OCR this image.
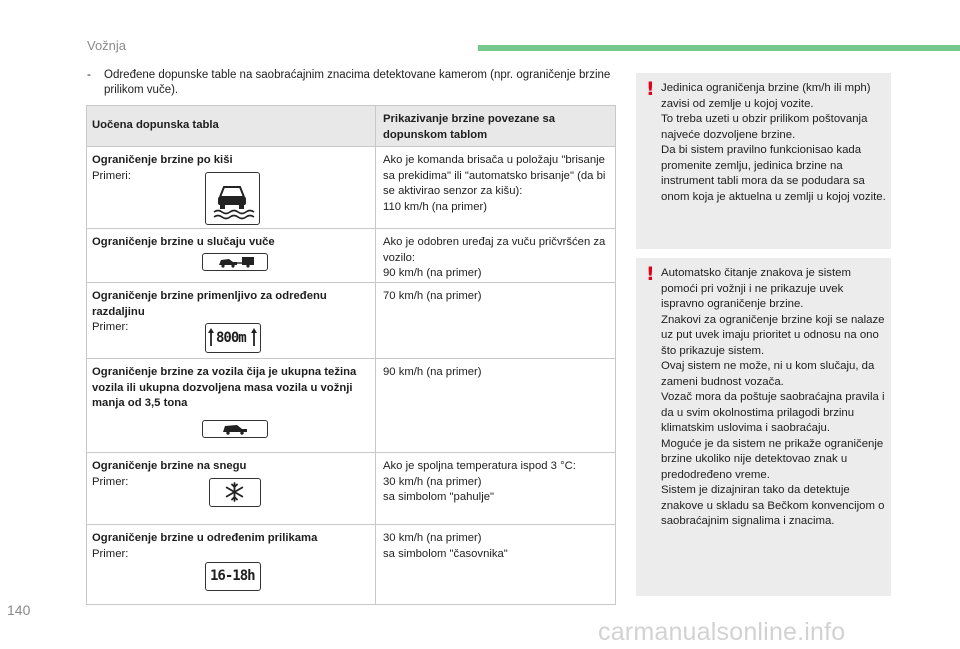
Vožnja
- Određene dopunske table na saobraćajnim znacima detektovane kamerom (npr. ograničenje brzine prilikom vuče).
Uočena dopunska tabla	Prikazivanje brzine povezane sa dopunskom tablom
Ograničenje brzine po kiši
Primeri:
Ako je komanda brisača u položaju "brisanje sa prekidima" ili "automatsko brisanje" (da bi se aktivirao senzor za kišu):
110 km/h (na primer)
Ograničenje brzine u slučaju vuče	Ako je odobren uređaj za vuču pričvršćen za vozilo:
90 km/h (na primer)
Ograničenje brzine primenljivo za određenu razdaljinu
Primer:
800m
70 km/h (na primer)
Ograničenje brzine za vozila čija je ukupna težina vozila ili ukupna dozvoljena masa vozila u vožnji manja od 3,5 tona
90 km/h (na primer)
Ograničenje brzine na snegu
Primer:
Ako je spoljna temperatura ispod 3 °C:
30 km/h (na primer)
sa simbolom "pahulje"
Ograničenje brzine u određenim prilikama
Primer:
16-18h
30 km/h (na primer)
sa simbolom "časovnika"
! Jedinica ograničenja brzine (km/h ili mph) zavisi od zemlje u kojoj vozite.
To treba uzeti u obzir prilikom poštovanja najveće dozvoljene brzine.
Da bi sistem pravilno funkcionisao kada promenite zemlju, jedinica brzine na instrument tabli mora da se podudara sa onom koja je aktuelna u zemlji u kojoj vozite.
! Automatsko čitanje znakova je sistem pomoći pri vožnji i ne prikazuje uvek ispravno ograničenje brzine.
Znakovi za ograničenje brzine koji se nalaze uz put uvek imaju prioritet u odnosu na ono što prikazuje sistem.
Ovaj sistem ne može, ni u kom slučaju, da zameni budnost vozača.
Vozač mora da poštuje saobraćajna pravila i da u svim okolnostima prilagodi brzinu klimatskim uslovima i saobraćaju.
Moguće je da sistem ne prikaže ograničenje brzine ukoliko nije detektovao znak u predodređeno vreme.
Sistem je dizajniran tako da detektuje znakove u skladu sa Bečkom konvencijom o saobraćajnim signalima i znacima.
140
carmanualsonline.info
